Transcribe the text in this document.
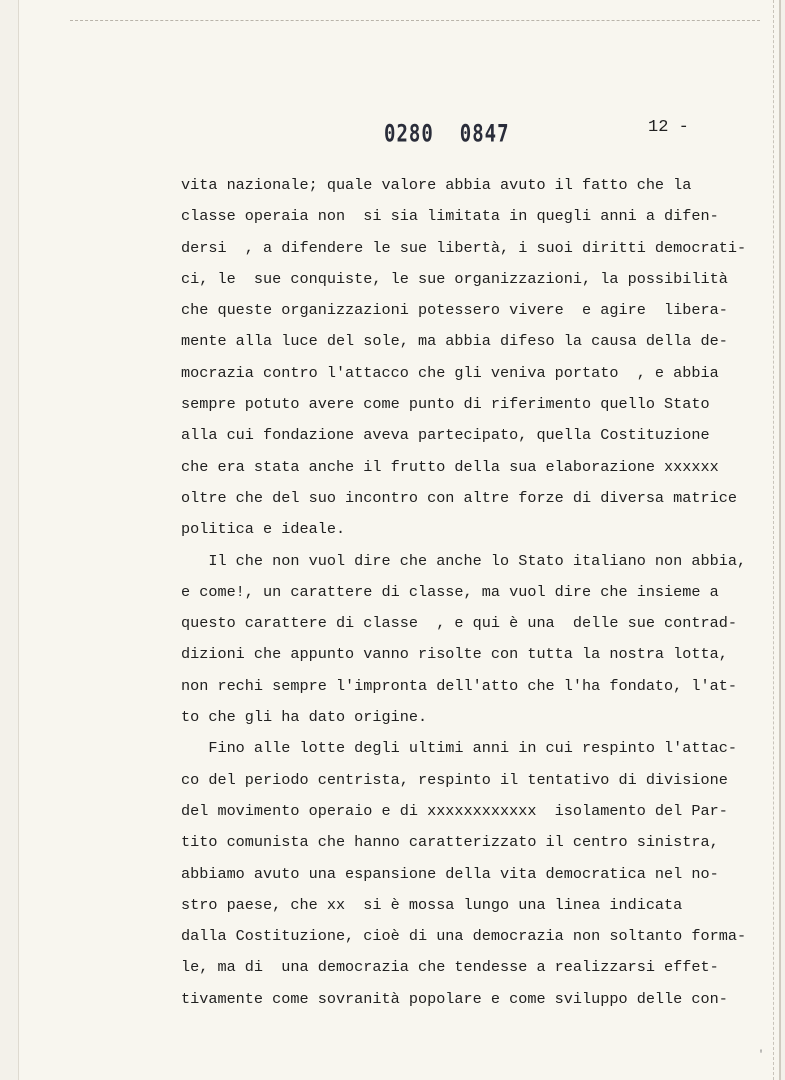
0280 0847	12 -
vita nazionale; quale valore abbia avuto il fatto che la
classe operaia non  si sia limitata in quegli anni a difen-
dersi  , a difendere le sue libertà, i suoi diritti democrati-
ci, le  sue conquiste, le sue organizzazioni, la possibilità
che queste organizzazioni potessero vivere  e agire  libera-
mente alla luce del sole, ma abbia difeso la causa della de-
mocrazia contro l'attacco che gli veniva portato  , e abbia
sempre potuto avere come punto di riferimento quello Stato
alla cui fondazione aveva partecipato, quella Costituzione
che era stata anche il frutto della sua elaborazione xxxxxx
oltre che del suo incontro con altre forze di diversa matrice
politica e ideale.
Il che non vuol dire che anche lo Stato italiano non abbia,
e come!, un carattere di classe, ma vuol dire che insieme a
questo carattere di classe  , e qui è una  delle sue contrad-
dizioni che appunto vanno risolte con tutta la nostra lotta,
non rechi sempre l'impronta dell'atto che l'ha fondato, l'at-
to che gli ha dato origine.
Fino alle lotte degli ultimi anni in cui respinto l'attac-
co del periodo centrista, respinto il tentativo di divisione
del movimento operaio e di xxxxxxxxxxxx  isolamento del Par-
tito comunista che hanno caratterizzato il centro sinistra,
abbiamo avuto una espansione della vita democratica nel no-
stro paese, che xx  si è mossa lungo una linea indicata
dalla Costituzione, cioè di una democrazia non soltanto forma-
le, ma di  una democrazia che tendesse a realizzarsi effet-
tivamente come sovranità popolare e come sviluppo delle con-
'
